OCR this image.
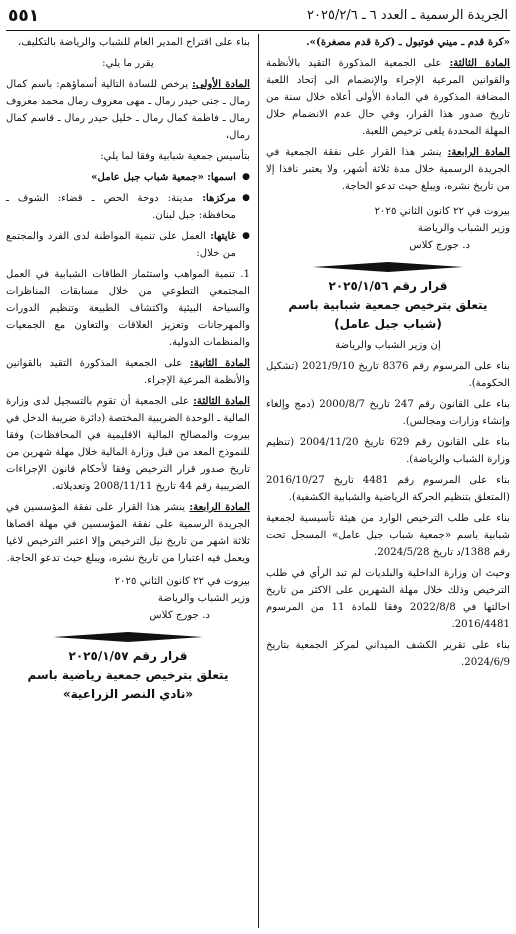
٥٥١	الجريدة الرسمية ـ العدد ٦ ـ ٢٠٢٥/٢/٦

«كرة قدم ـ ميني فوتبول ـ (كرة قدم مصغرة)».

المادة الثالثة: على الجمعية المذكورة التقيد بالأنظمة والقوانين المرعية الإجراء والإنضمام الى إتحاد اللعبة المضافة المذكورة في المادة الأولى أعلاه خلال سنة من تاريخ صدور هذا القرار، وفي حال عدم الانضمام خلال المهلة المحددة يلغى ترخيص اللعبة.

المادة الرابعة: ينشر هذا القرار على نفقة الجمعية في الجريدة الرسمية خلال مدة ثلاثة أشهر، ولا يعتبر نافذا إلا من تاريخ نشره، ويبلغ حيث تدعو الحاجة.

بيروت في ٢٢ كانون الثاني ٢٠٢٥

وزير الشباب والرياضة

د. جورج كلاس

قرار رقم ٢٠٢٥/١/٥٦

يتعلق بترخيص جمعية شبابية باسم

(شباب جبل عامل)

إن وزير الشباب والرياضة

بناء على المرسوم رقم 8376 تاريخ 2021/9/10 (تشكيل الحكومة).

بناء على القانون رقم 247 تاريخ 2000/8/7 (دمج وإلغاء وإنشاء وزارات ومجالس).

بناء على القانون رقم 629 تاريخ 2004/11/20 (تنظيم وزارة الشباب والرياضة).

بناء على المرسوم رقم 4481 تاريخ 2016/10/27 (المتعلق بتنظيم الحركة الرياضية والشبابية الكشفية).

بناء على طلب الترخيص الوارد من هيئة تأسيسية لجمعية شبابية باسم «جمعية شباب جبل عامل» المسجل تحت رقم 1388/د تاريخ 2024/5/28.

وحيث ان وزارة الداخلية والبلديات لم تبد الرأي في طلب الترخيص وذلك خلال مهلة الشهرين على الاكثر من تاريخ احالتها في 2022/8/8 وفقا للمادة 11 من المرسوم 2016/4481.

بناء على تقرير الكشف الميداني لمركز الجمعية بتاريخ 2024/6/9.

بناء على اقتراح المدير العام للشباب والرياضة بالتكليف،

يقرر ما يلي:

المادة الأولى: يرخص للسادة التالية أسماؤهم: باسم كمال رمال ـ جنى حيدر رمال ـ مهى معروف رمال محمد معروف رمال ـ فاطمة كمال رمال ـ خليل حيدر رمال ـ قاسم كمال رمال،

بتأسيس جمعية شبابية وفقا لما يلي:

● اسمها: «جمعية شباب جبل عامل»

● مركزها: مدينة: دوحة الحص ـ قضاء: الشوف ـ محافظة: جبل لبنان.

● غايتها: العمل على تنمية المواطنة لدى الفرد والمجتمع من خلال:

1. تنمية المواهب واستثمار الطاقات الشبابية في العمل المجتمعي التطوعي من خلال مسابقات المناظرات والسياحة البيئية واكتشاف الطبيعة وتنظيم الدورات والمهرجانات وتعزيز العلاقات والتعاون مع الجمعيات والمنظمات الدولية.

المادة الثانية: على الجمعية المذكورة التقيد بالقوانين والأنظمة المرعية الإجراء.

المادة الثالثة: على الجمعية أن تقوم بالتسجيل لدى وزارة المالية ـ الوحدة الضريبية المختصة (دائرة ضريبة الدخل في بيروت والمصالح المالية الاقليمية في المحافظات) وفقا للنموذج المعد من قبل وزارة المالية خلال مهلة شهرين من تاريخ صدور قرار الترخيص وفقا لأحكام قانون الإجراءات الضريبية رقم 44 تاريخ 2008/11/11 وتعديلاته.

المادة الرابعة: ينشر هذا القرار على نفقة المؤسسين في الجريدة الرسمية على نفقة المؤسسين في مهلة اقصاها ثلاثة اشهر من تاريخ نيل الترخيص وإلا اعتبر الترخيص لاغيا ويعمل فيه اعتبارا من تاريخ نشره، ويبلغ حيث تدعو الحاجة.

بيروت في ٢٢ كانون الثاني ٢٠٢٥

وزير الشباب والرياضة

د. جورج كلاس

قرار رقم ٢٠٢٥/١/٥٧

يتعلق بترخيص جمعية رياضية باسم

«نادي النصر الزراعية»
